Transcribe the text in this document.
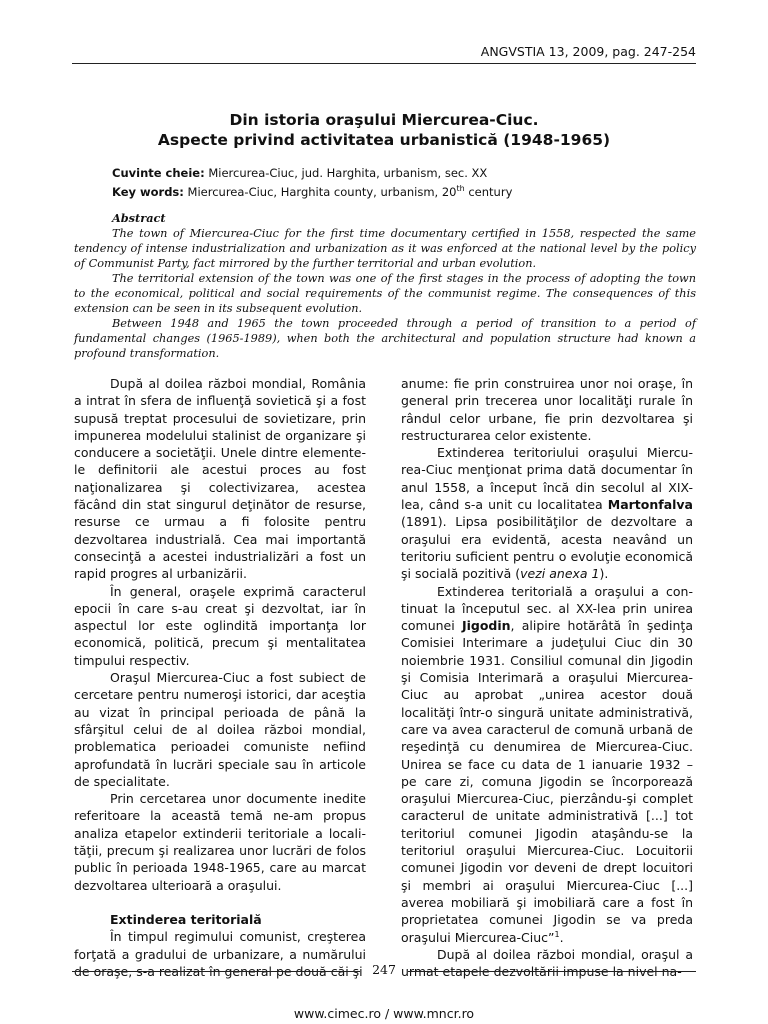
ANGVSTIA 13, 2009, pag. 247-254
Din istoria oraşului Miercurea-Ciuc.
Aspecte privind activitatea urbanistică (1948-1965)
Cuvinte cheie: Miercurea-Ciuc, jud. Harghita, urbanism, sec. XX
Key words: Miercurea-Ciuc, Harghita county, urbanism, 20th century
Abstract

The town of Miercurea-Ciuc for the first time documentary certified in 1558, respected the same tendency of intense industrialization and urbanization as it was enforced at the national level by the policy of Communist Party, fact mirrored by the further territorial and urban evolution.

The territorial extension of the town was one of the first stages in the process of adopting the town to the economical, political and social requirements of the communist regime. The consequences of this extension can be seen in its subsequent evolution.

Between 1948 and 1965 the town proceeded through a period of transition to a period of fundamental changes (1965-1989), when both the architectural and population structure had known a profound transformation.

După al doilea război mondial, România a intrat în sfera de influenţă sovietică şi a fost supusă treptat procesului de sovietizare, prin impunerea modelului stalinist de organizare şi conducere a societăţii. Unele dintre elementele definitorii ale acestui proces au fost naţionalizarea şi colectivizarea, acestea făcând din stat singurul deţinător de resurse, resurse ce urmau a fi folosite pentru dezvoltarea industrială. Cea mai importantă consecinţă a acestei industrializări a fost un rapid progres al urbanizării.

În general, oraşele exprimă caracterul epocii în care s-au creat şi dezvoltat, iar în aspectul lor este oglindită importanţa lor economică, politică, precum şi mentalitatea timpului respectiv.

Oraşul Miercurea-Ciuc a fost subiect de cercetare pentru numeroşi istorici, dar aceştia au vizat în principal perioada de până la sfârşitul celui de al doilea război mondial, problematica perioadei comuniste nefiind aprofundată în lucrări speciale sau în articole de specialitate.

Prin cercetarea unor documente inedite referitoare la această temă ne-am propus analiza etapelor extinderii teritoriale a localităţii, precum şi realizarea unor lucrări de folos public în perioada 1948-1965, care au marcat dezvoltarea ulterioară a oraşului.

Extinderea teritorială

În timpul regimului comunist, creşterea forţată a gradului de urbanizare, a numărului de oraşe, s-a realizat în general pe două căi şi

anume: fie prin construirea unor noi oraşe, în general prin trecerea unor localităţi rurale în rândul celor urbane, fie prin dezvoltarea şi restructurarea celor existente.

Extinderea teritoriului oraşului Miercurea-Ciuc menţionat prima dată documentar în anul 1558, a început încă din secolul al XIX-lea, când s-a unit cu localitatea Martonfalva (1891). Lipsa posibilităţilor de dezvoltare a oraşului era evidentă, acesta neavând un teritoriu suficient pentru o evoluţie economică şi socială pozitivă (vezi anexa 1).

Extinderea teritorială a oraşului a continuat la începutul sec. al XX-lea prin unirea comunei Jigodin, alipire hotărâtă în şedinţa Comisiei Interimare a judeţului Ciuc din 30 noiembrie 1931. Consiliul comunal din Jigodin şi Comisia Interimară a oraşului Miercurea-Ciuc au aprobat „unirea acestor două localităţi într-o singură unitate administrativă, care va avea caracterul de comună urbană de reşedinţă cu denumirea de Miercurea-Ciuc. Unirea se face cu data de 1 ianuarie 1932 – pe care zi, comuna Jigodin se încorporează oraşului Miercurea-Ciuc, pierzându-şi complet caracterul de unitate administrativă [...] tot teritoriul comunei Jigodin ataşându-se la teritoriul oraşului Miercurea-Ciuc. Locuitorii comunei Jigodin vor deveni de drept locuitori şi membri ai oraşului Miercurea-Ciuc [...] averea mobiliară şi imobiliară care a fost în proprietatea comunei Jigodin se va preda oraşului Miercurea-Ciuc”$^1$.

După al doilea război mondial, oraşul a urmat etapele dezvoltării impuse la nivel na-

247
www.cimec.ro / www.mncr.ro
